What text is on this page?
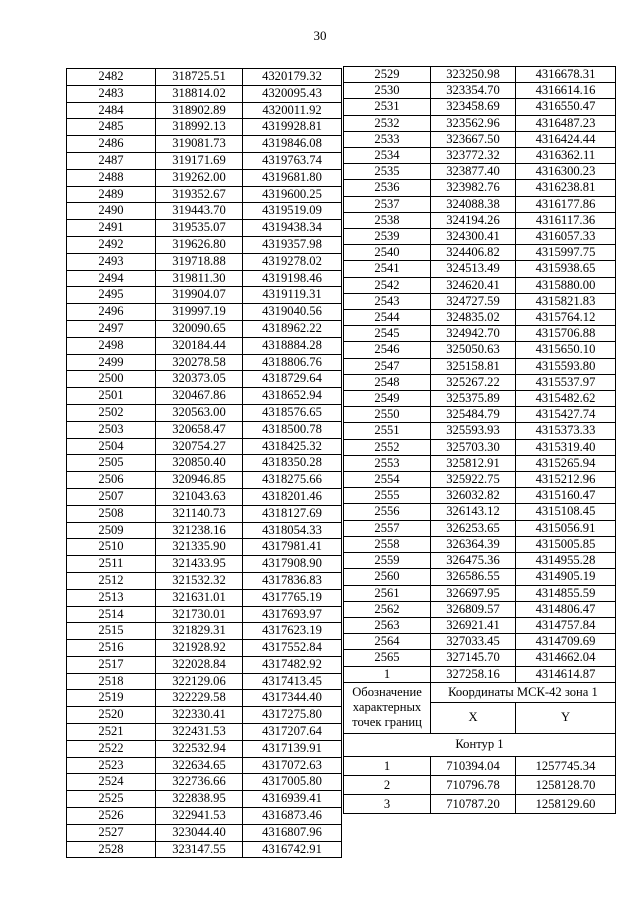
30
2482	318725.51	4320179.32
2483	318814.02	4320095.43
2484	318902.89	4320011.92
2485	318992.13	4319928.81
2486	319081.73	4319846.08
2487	319171.69	4319763.74
2488	319262.00	4319681.80
2489	319352.67	4319600.25
2490	319443.70	4319519.09
2491	319535.07	4319438.34
2492	319626.80	4319357.98
2493	319718.88	4319278.02
2494	319811.30	4319198.46
2495	319904.07	4319119.31
2496	319997.19	4319040.56
2497	320090.65	4318962.22
2498	320184.44	4318884.28
2499	320278.58	4318806.76
2500	320373.05	4318729.64
2501	320467.86	4318652.94
2502	320563.00	4318576.65
2503	320658.47	4318500.78
2504	320754.27	4318425.32
2505	320850.40	4318350.28
2506	320946.85	4318275.66
2507	321043.63	4318201.46
2508	321140.73	4318127.69
2509	321238.16	4318054.33
2510	321335.90	4317981.41
2511	321433.95	4317908.90
2512	321532.32	4317836.83
2513	321631.01	4317765.19
2514	321730.01	4317693.97
2515	321829.31	4317623.19
2516	321928.92	4317552.84
2517	322028.84	4317482.92
2518	322129.06	4317413.45
2519	322229.58	4317344.40
2520	322330.41	4317275.80
2521	322431.53	4317207.64
2522	322532.94	4317139.91
2523	322634.65	4317072.63
2524	322736.66	4317005.80
2525	322838.95	4316939.41
2526	322941.53	4316873.46
2527	323044.40	4316807.96
2528	323147.55	4316742.91
2529	323250.98	4316678.31
2530	323354.70	4316614.16
2531	323458.69	4316550.47
2532	323562.96	4316487.23
2533	323667.50	4316424.44
2534	323772.32	4316362.11
2535	323877.40	4316300.23
2536	323982.76	4316238.81
2537	324088.38	4316177.86
2538	324194.26	4316117.36
2539	324300.41	4316057.33
2540	324406.82	4315997.75
2541	324513.49	4315938.65
2542	324620.41	4315880.00
2543	324727.59	4315821.83
2544	324835.02	4315764.12
2545	324942.70	4315706.88
2546	325050.63	4315650.10
2547	325158.81	4315593.80
2548	325267.22	4315537.97
2549	325375.89	4315482.62
2550	325484.79	4315427.74
2551	325593.93	4315373.33
2552	325703.30	4315319.40
2553	325812.91	4315265.94
2554	325922.75	4315212.96
2555	326032.82	4315160.47
2556	326143.12	4315108.45
2557	326253.65	4315056.91
2558	326364.39	4315005.85
2559	326475.36	4314955.28
2560	326586.55	4314905.19
2561	326697.95	4314855.59
2562	326809.57	4314806.47
2563	326921.41	4314757.84
2564	327033.45	4314709.69
2565	327145.70	4314662.04
1	327258.16	4314614.87
Обозначение характерных точек границ	Координаты МСК-42 зона 1	
	X	Y
Контур 1		
1	710394.04	1257745.34
2	710796.78	1258128.70
3	710787.20	1258129.60
